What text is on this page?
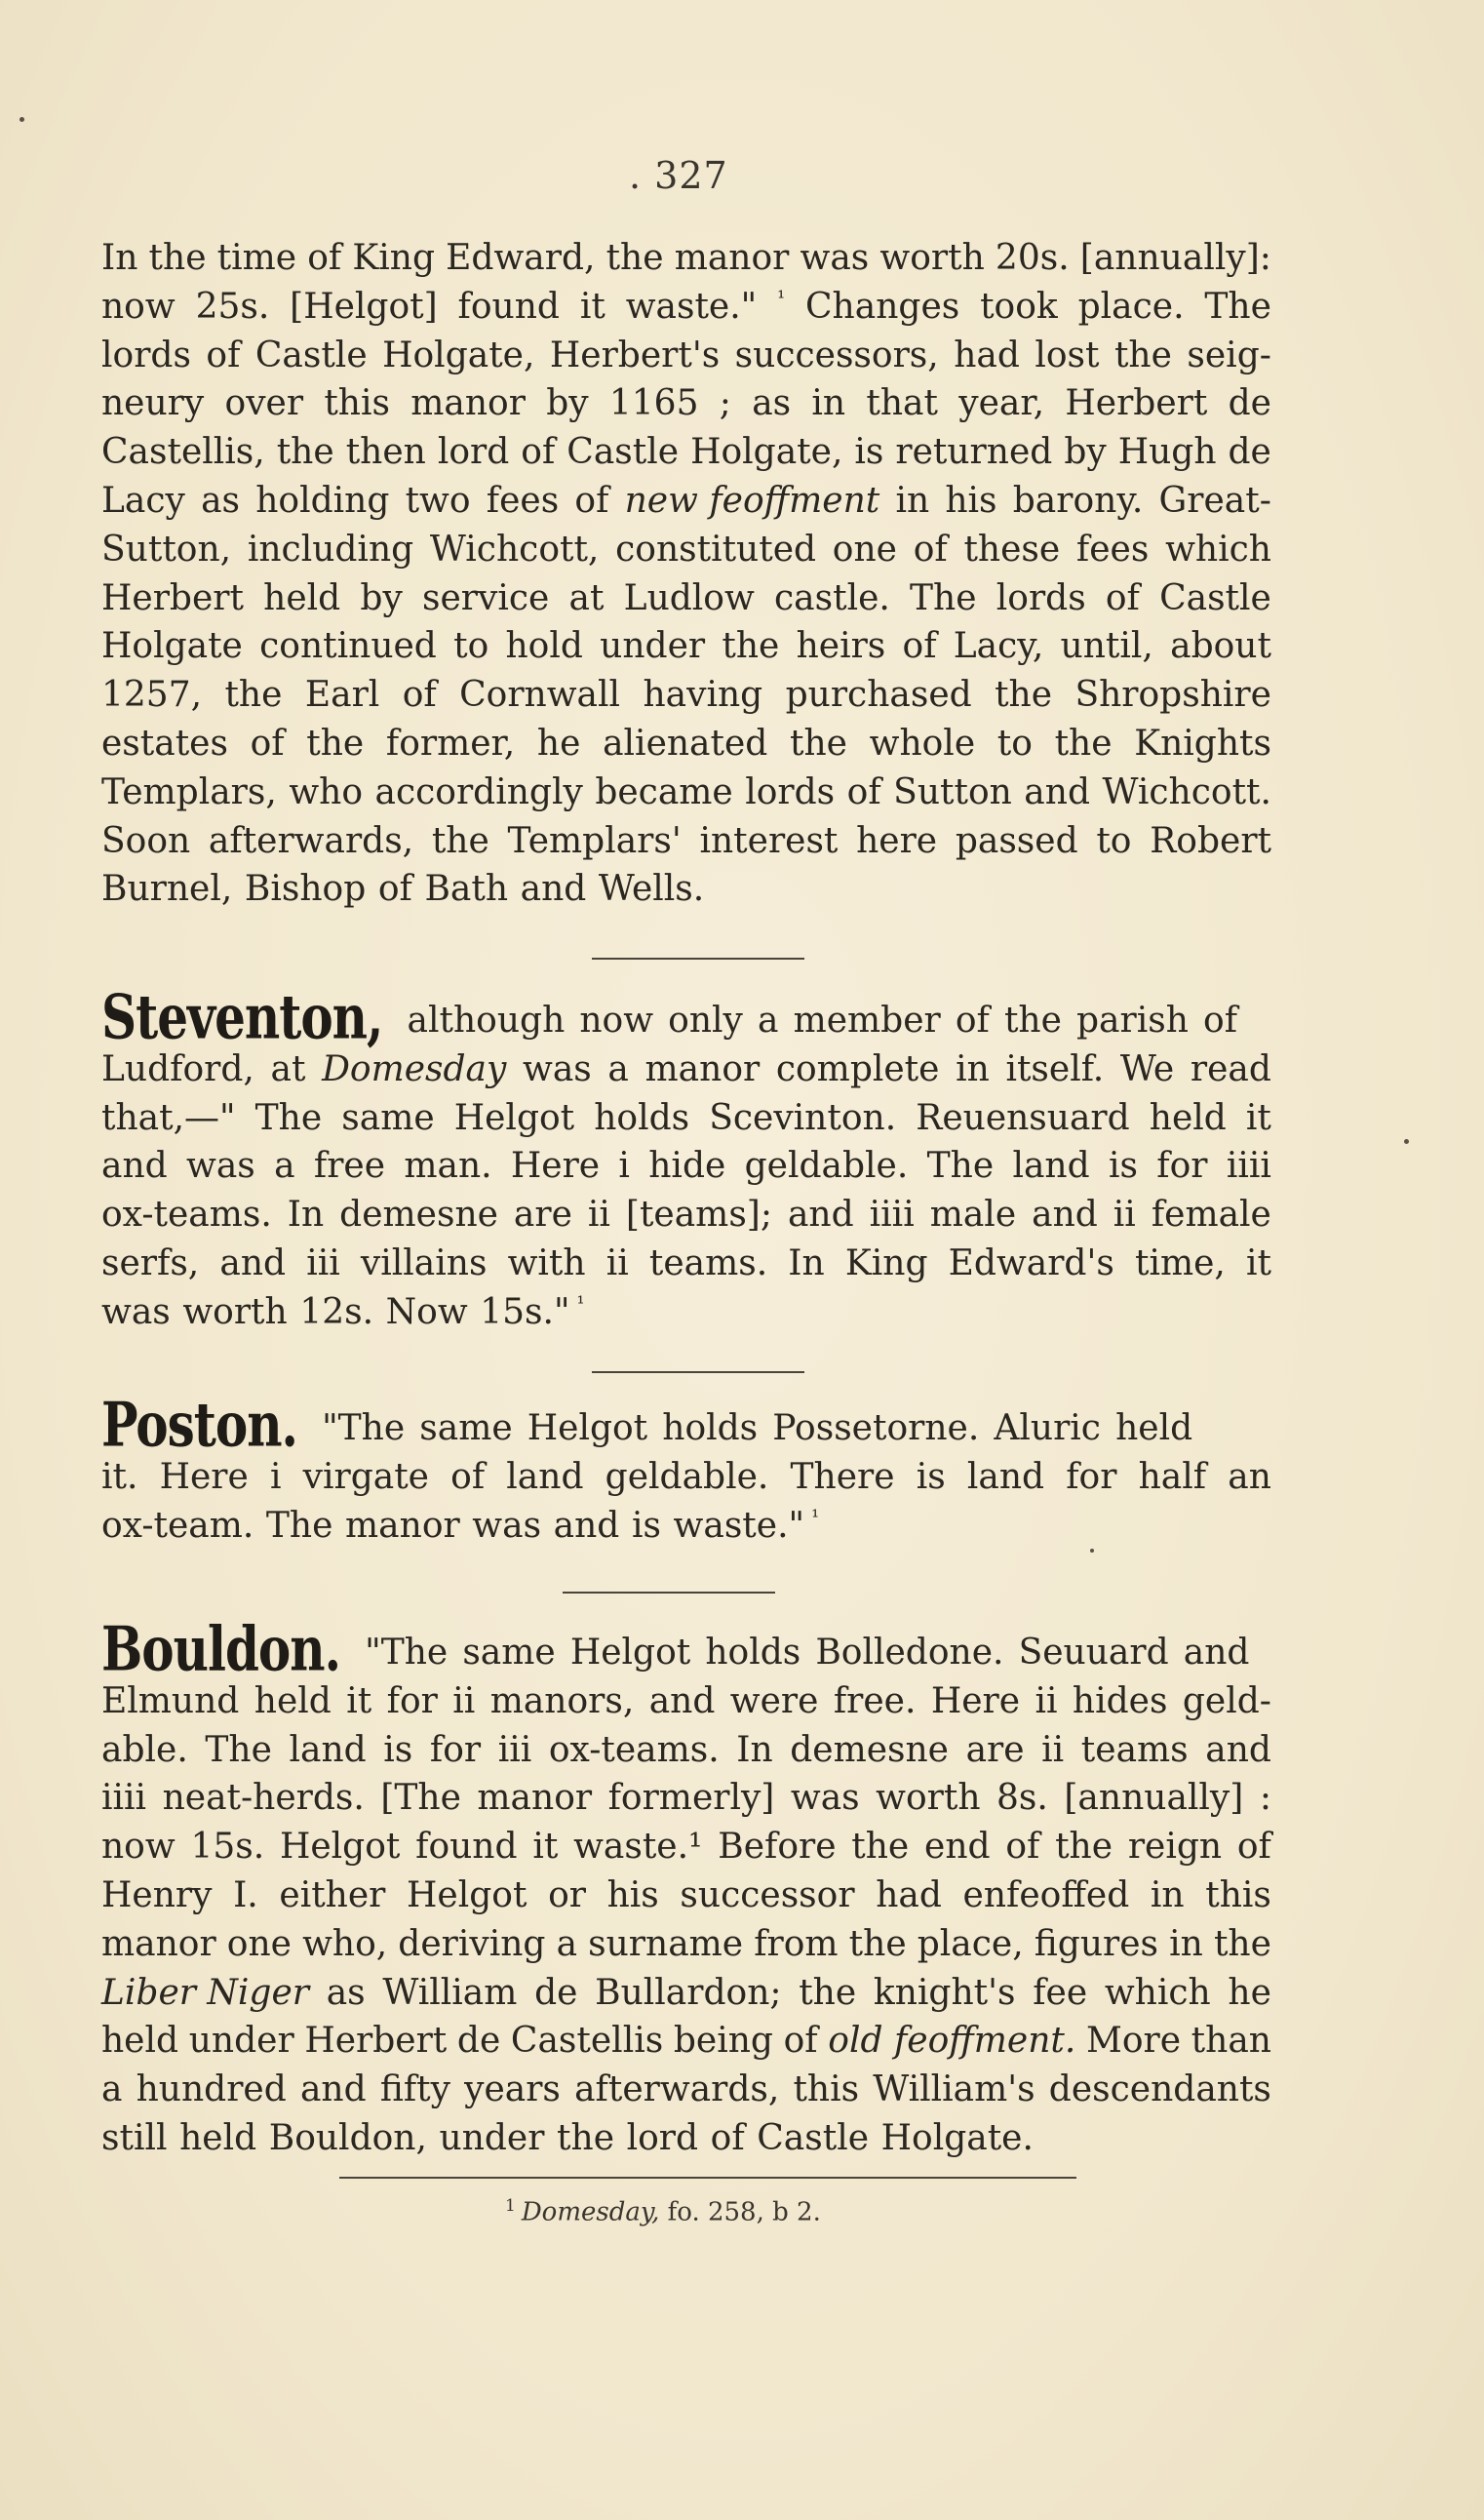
. 327
In the time of King Edward, the manor was worth 20s. [annually]:
now 25s. [Helgot] found it waste." ¹ Changes took place. The
lords of Castle Holgate, Herbert's successors, had lost the seig-
neury over this manor by 1165 ; as in that year, Herbert de
Castellis, the then lord of Castle Holgate, is returned by Hugh de
Lacy as holding two fees of new feoffment in his barony. Great-
Sutton, including Wichcott, constituted one of these fees which
Herbert held by service at Ludlow castle. The lords of Castle
Holgate continued to hold under the heirs of Lacy, until, about
1257, the Earl of Cornwall having purchased the Shropshire
estates of the former, he alienated the whole to the Knights
Templars, who accordingly became lords of Sutton and Wichcott.
Soon afterwards, the Templars' interest here passed to Robert
Burnel, Bishop of Bath and Wells.
Steventon, although now only a member of the parish of
Ludford, at Domesday was a manor complete in itself. We read
that,—" The same Helgot holds Scevinton. Reuensuard held it
and was a free man. Here i hide geldable. The land is for iiii
ox-teams. In demesne are ii [teams]; and iiii male and ii female
serfs, and iii villains with ii teams. In King Edward's time, it
was worth 12s. Now 15s." ¹
Poston. "The same Helgot holds Possetorne. Aluric held
it. Here i virgate of land geldable. There is land for half an
ox-team. The manor was and is waste." ¹
Bouldon. "The same Helgot holds Bolledone. Seuuard and
Elmund held it for ii manors, and were free. Here ii hides geld-
able. The land is for iii ox-teams. In demesne are ii teams and
iiii neat-herds. [The manor formerly] was worth 8s. [annually] :
now 15s. Helgot found it waste.¹ Before the end of the reign of
Henry I. either Helgot or his successor had enfeoffed in this
manor one who, deriving a surname from the place, figures in the
Liber Niger as William de Bullardon; the knight's fee which he
held under Herbert de Castellis being of old feoffment. More than
a hundred and fifty years afterwards, this William's descendants
still held Bouldon, under the lord of Castle Holgate.
$^1$ Domesday, fo. 258, b 2.
